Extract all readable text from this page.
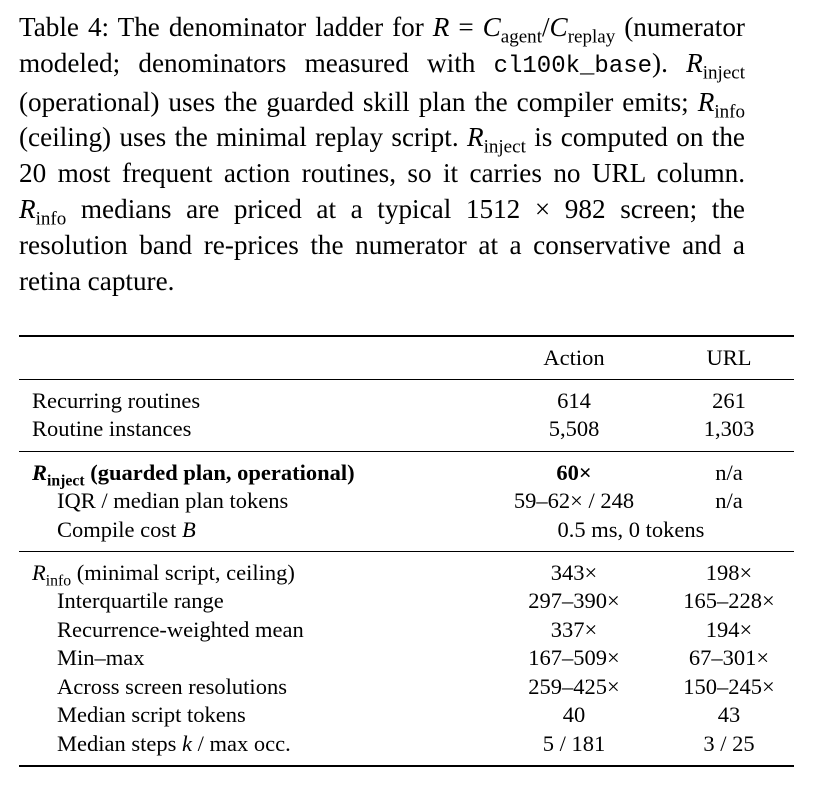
Table 4: The denominator ladder for $R = C_{agent}/C_{replay}$ (numerator modeled; denominators measured with cl100k_base). $R_{inject}$ (operational) uses the guarded skill plan the compiler emits; $R_{info}$ (ceiling) uses the minimal replay script. $R_{inject}$ is computed on the 20 most frequent action routines, so it carries no URL column. $R_{info}$ medians are priced at a typical 1512 × 982 screen; the resolution band re-prices the numerator at a conservative and a retina capture.
Action	URL
Recurring routines	614	261
Routine instances	5,508	1,303
$R_{inject}$ (guarded plan, operational)	60×	n/a
IQR / median plan tokens	59–62× / 248	n/a
Compile cost B	0.5 ms, 0 tokens
$R_{info}$ (minimal script, ceiling)	343×	198×
Interquartile range	297–390×	165–228×
Recurrence-weighted mean	337×	194×
Min–max	167–509×	67–301×
Across screen resolutions	259–425×	150–245×
Median script tokens	40	43
Median steps k / max occ.	5 / 181	3 / 25
